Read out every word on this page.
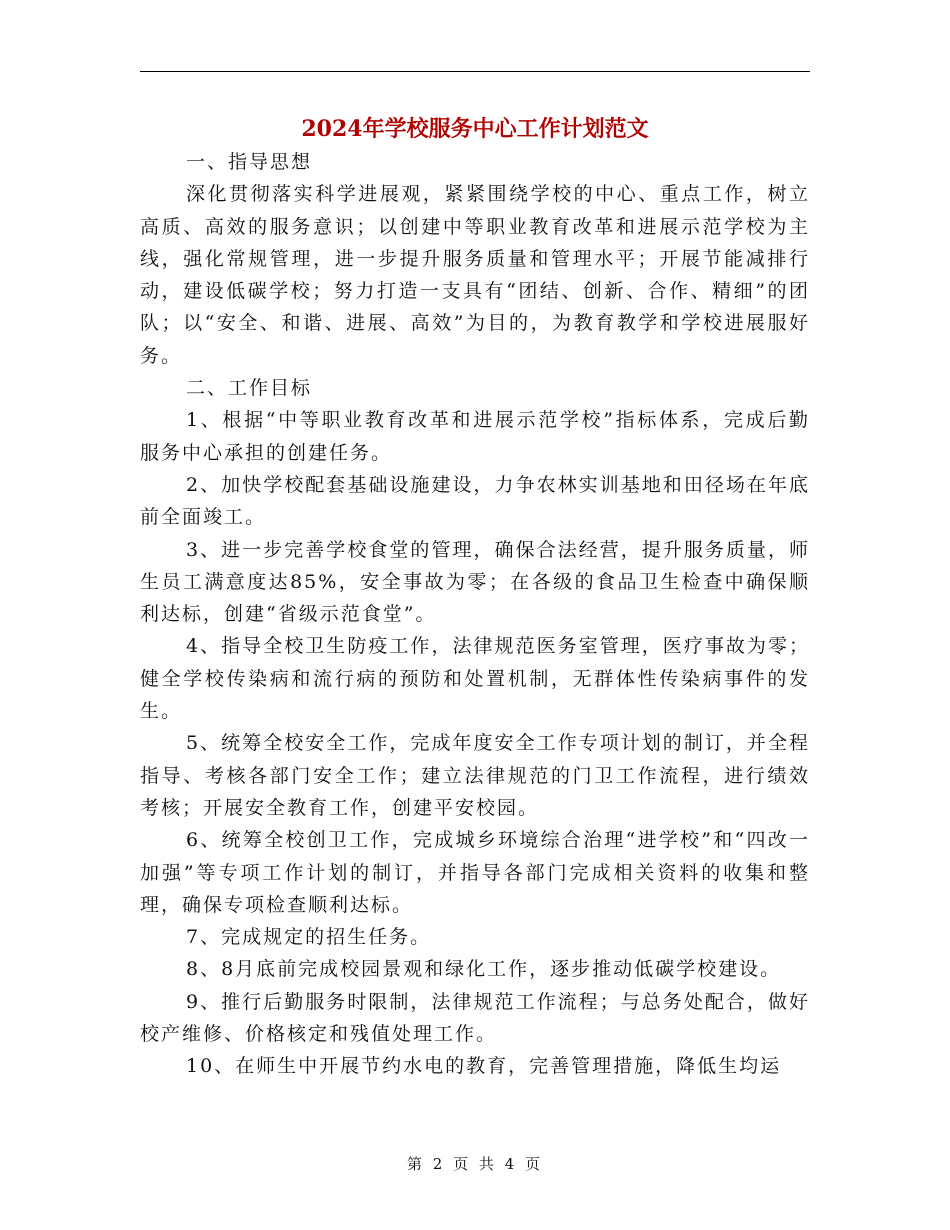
2024年学校服务中心工作计划范文

一、指导思想

深化贯彻落实科学进展观，紧紧围绕学校的中心、重点工作，树立高质、高效的服务意识；以创建中等职业教育改革和进展示范学校为主线，强化常规管理，进一步提升服务质量和管理水平；开展节能减排行动，建设低碳学校；努力打造一支具有“团结、创新、合作、精细”的团队；以“安全、和谐、进展、高效”为目的，为教育教学和学校进展服好务。

二、工作目标

1、根据“中等职业教育改革和进展示范学校”指标体系，完成后勤服务中心承担的创建任务。

2、加快学校配套基础设施建设，力争农林实训基地和田径场在年底前全面竣工。

3、进一步完善学校食堂的管理，确保合法经营，提升服务质量，师生员工满意度达85%，安全事故为零；在各级的食品卫生检查中确保顺利达标，创建“省级示范食堂”。

4、指导全校卫生防疫工作，法律规范医务室管理，医疗事故为零；健全学校传染病和流行病的预防和处置机制，无群体性传染病事件的发生。

5、统筹全校安全工作，完成年度安全工作专项计划的制订，并全程指导、考核各部门安全工作；建立法律规范的门卫工作流程，进行绩效考核；开展安全教育工作，创建平安校园。

6、统筹全校创卫工作，完成城乡环境综合治理“进学校”和“四改一加强”等专项工作计划的制订，并指导各部门完成相关资料的收集和整理，确保专项检查顺利达标。

7、完成规定的招生任务。

8、8月底前完成校园景观和绿化工作，逐步推动低碳学校建设。

9、推行后勤服务时限制，法律规范工作流程；与总务处配合，做好校产维修、价格核定和残值处理工作。

10、在师生中开展节约水电的教育，完善管理措施，降低生均运

第 2 页 共 4 页
